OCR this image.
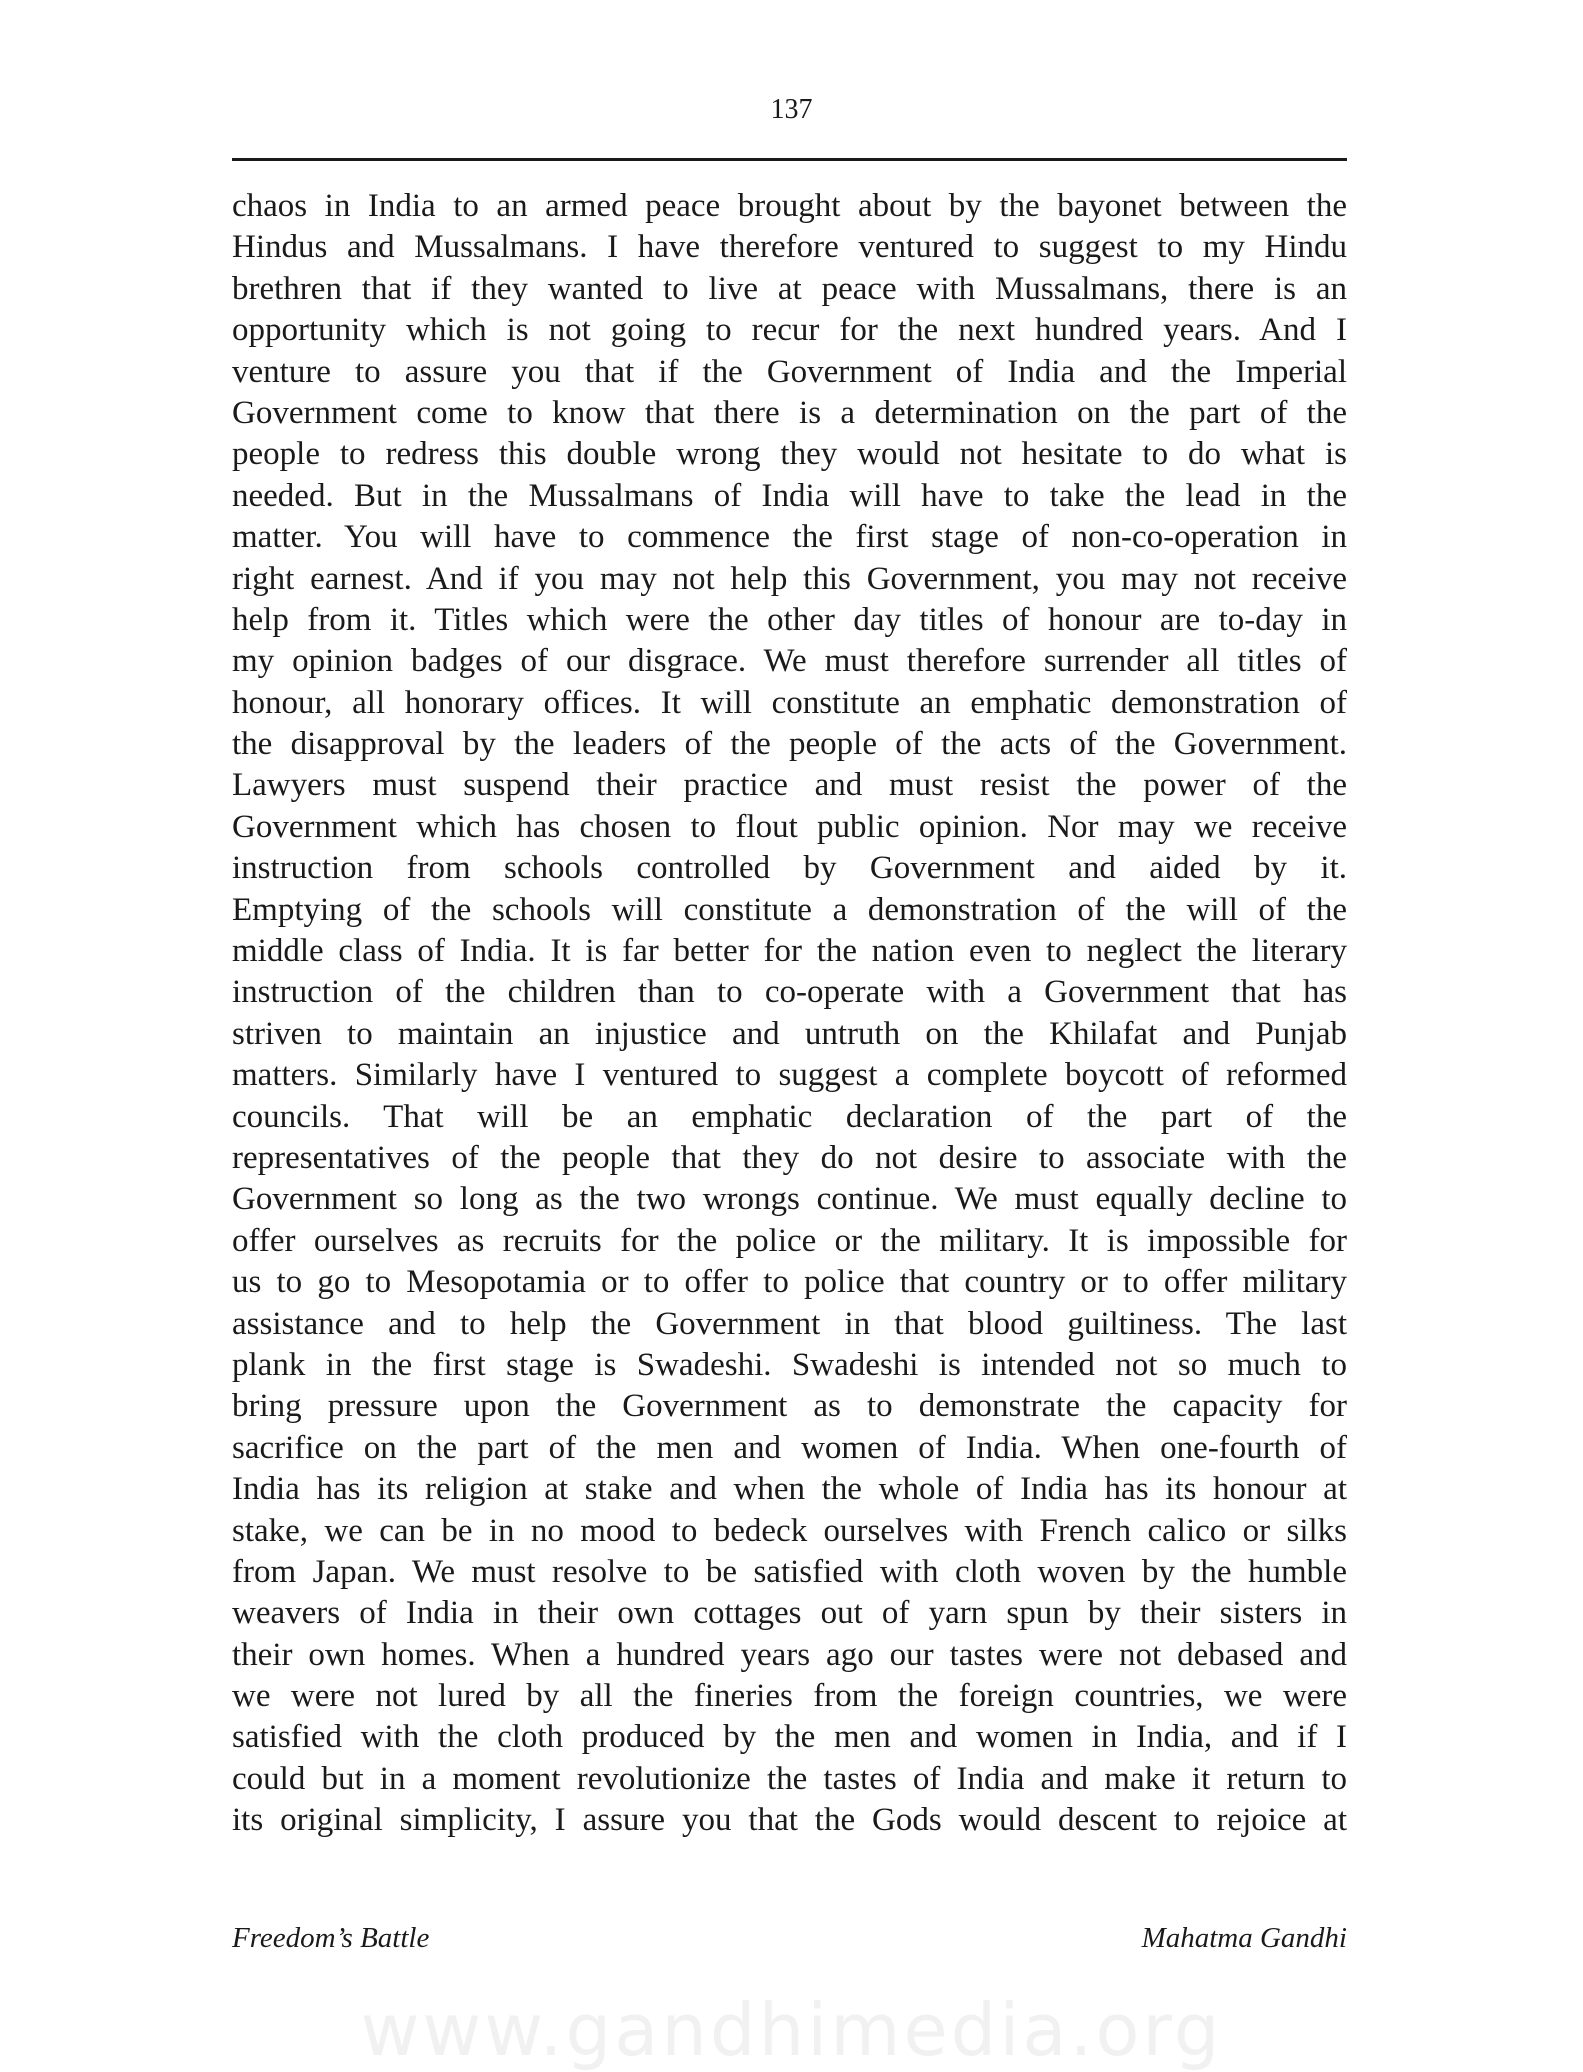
137
chaos in India to an armed peace brought about by the bayonet between the
Hindus and Mussalmans. I have therefore ventured to suggest to my Hindu
brethren that if they wanted to live at peace with Mussalmans, there is an
opportunity which is not going to recur for the next hundred years. And I
venture to assure you that if the Government of India and the Imperial
Government come to know that there is a determination on the part of the
people to redress this double wrong they would not hesitate to do what is
needed. But in the Mussalmans of India will have to take the lead in the
matter. You will have to commence the first stage of non-co-operation in
right earnest. And if you may not help this Government, you may not receive
help from it. Titles which were the other day titles of honour are to-day in
my opinion badges of our disgrace. We must therefore surrender all titles of
honour, all honorary offices. It will constitute an emphatic demonstration of
the disapproval by the leaders of the people of the acts of the Government.
Lawyers must suspend their practice and must resist the power of the
Government which has chosen to flout public opinion. Nor may we receive
instruction from schools controlled by Government and aided by it.
Emptying of the schools will constitute a demonstration of the will of the
middle class of India. It is far better for the nation even to neglect the literary
instruction of the children than to co-operate with a Government that has
striven to maintain an injustice and untruth on the Khilafat and Punjab
matters. Similarly have I ventured to suggest a complete boycott of reformed
councils. That will be an emphatic declaration of the part of the
representatives of the people that they do not desire to associate with the
Government so long as the two wrongs continue. We must equally decline to
offer ourselves as recruits for the police or the military. It is impossible for
us to go to Mesopotamia or to offer to police that country or to offer military
assistance and to help the Government in that blood guiltiness. The last
plank in the first stage is Swadeshi. Swadeshi is intended not so much to
bring pressure upon the Government as to demonstrate the capacity for
sacrifice on the part of the men and women of India. When one-fourth of
India has its religion at stake and when the whole of India has its honour at
stake, we can be in no mood to bedeck ourselves with French calico or silks
from Japan. We must resolve to be satisfied with cloth woven by the humble
weavers of India in their own cottages out of yarn spun by their sisters in
their own homes. When a hundred years ago our tastes were not debased and
we were not lured by all the fineries from the foreign countries, we were
satisfied with the cloth produced by the men and women in India, and if I
could but in a moment revolutionize the tastes of India and make it return to
its original simplicity, I assure you that the Gods would descent to rejoice at
Freedom’s Battle	Mahatma Gandhi
www.gandhimedia.org
